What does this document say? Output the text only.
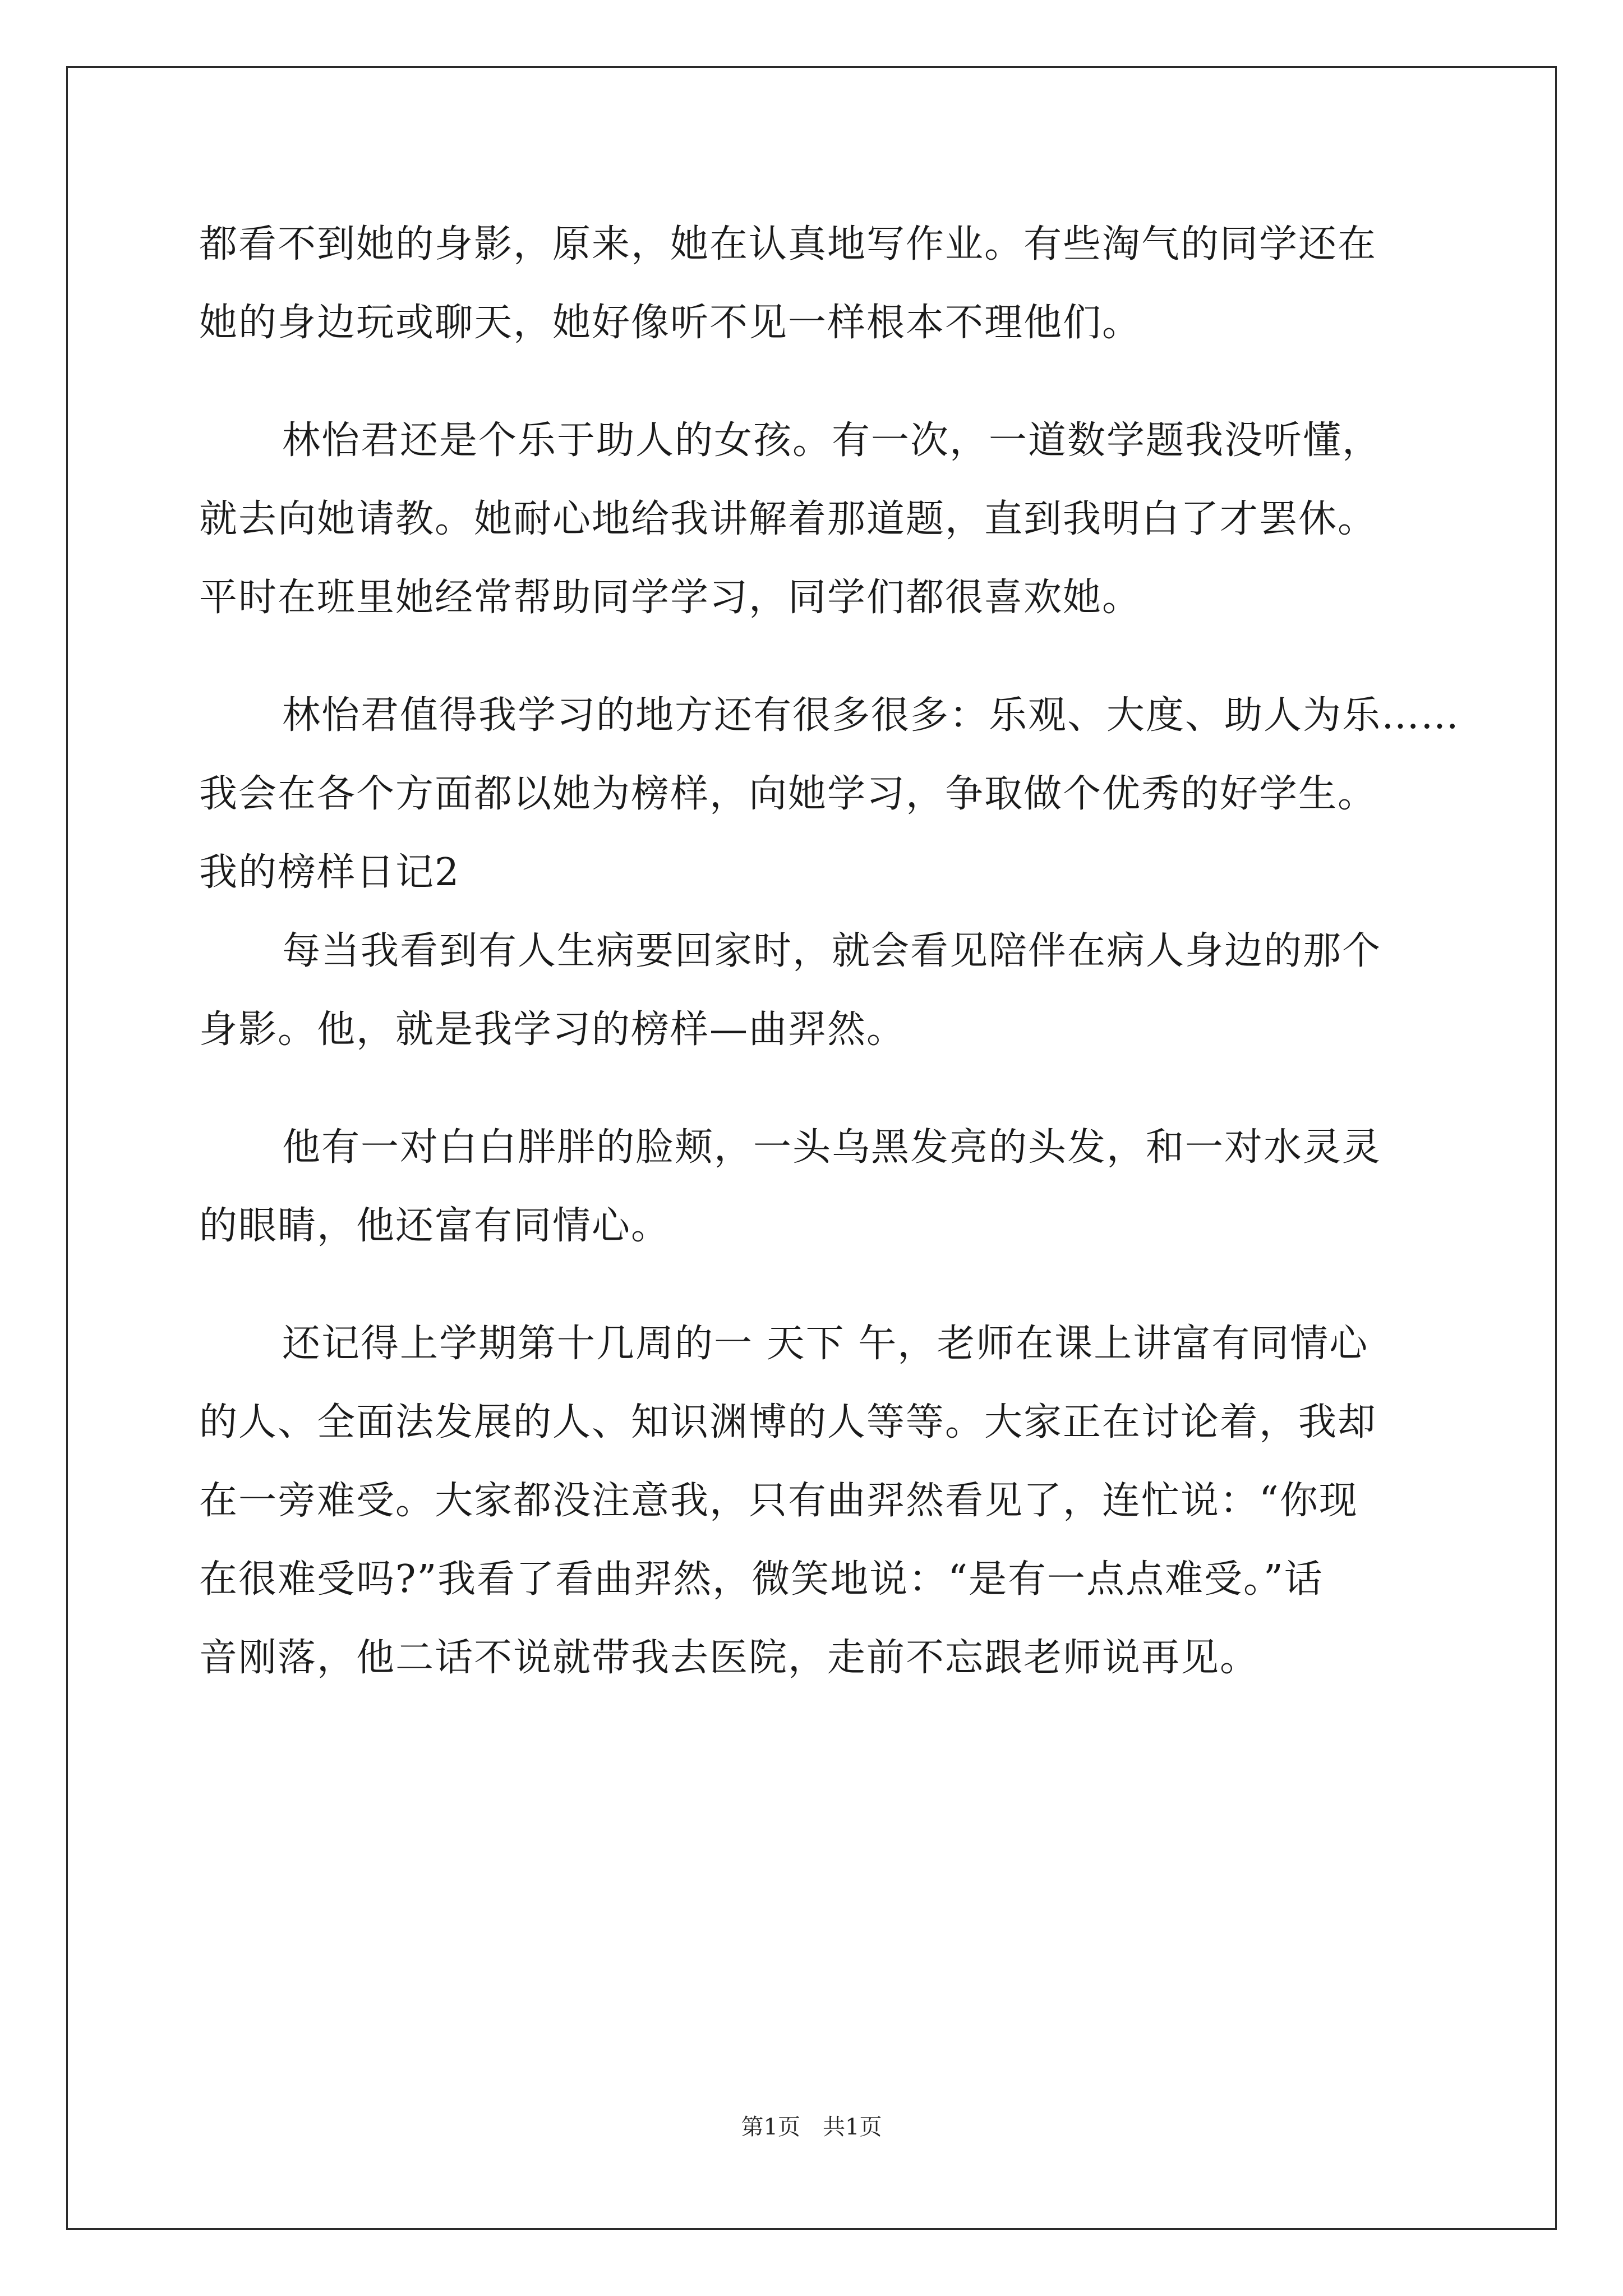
都看不到她的身影，原来，她在认真地写作业。有些淘气的同学还在
她的身边玩或聊天，她好像听不见一样根本不理他们。
林怡君还是个乐于助人的女孩。有一次，一道数学题我没听懂，
就去向她请教。她耐心地给我讲解着那道题，直到我明白了才罢休。
平时在班里她经常帮助同学学习，同学们都很喜欢她。
林怡君值得我学习的地方还有很多很多：乐观、大度、助人为乐……
我会在各个方面都以她为榜样，向她学习，争取做个优秀的好学生。
我的榜样日记2
每当我看到有人生病要回家时，就会看见陪伴在病人身边的那个
身影。他，就是我学习的榜样—曲羿然。
他有一对白白胖胖的脸颊，一头乌黑发亮的头发，和一对水灵灵
的眼睛，他还富有同情心。
还记得上学期第十几周的一 天下 午，老师在课上讲富有同情心
的人、全面法发展的人、知识渊博的人等等。大家正在讨论着，我却
在一旁难受。大家都没注意我，只有曲羿然看见了，连忙说：“你现
在很难受吗?”我看了看曲羿然，微笑地说：“是有一点点难受。”话
音刚落，他二话不说就带我去医院，走前不忘跟老师说再见。
第1页　共1页
